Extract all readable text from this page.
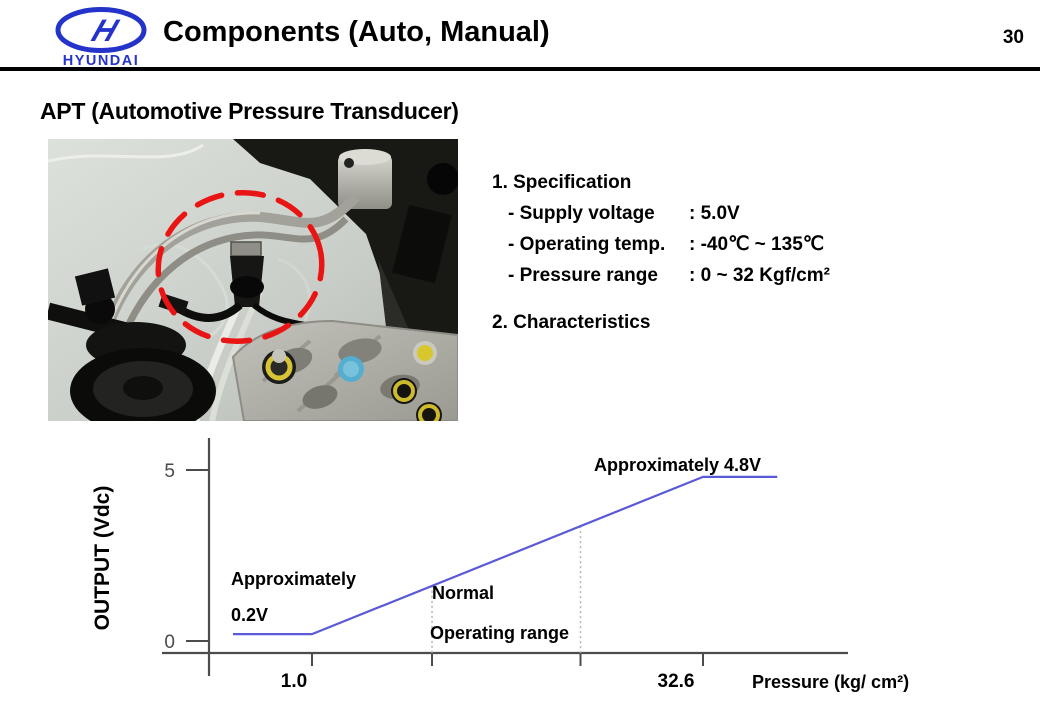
H
HYUNDAI
Components (Auto, Manual)	30
APT (Automotive Pressure Transducer)
1. Specification
- Supply voltage	: 5.0V
- Operating temp.	: -40℃ ~ 135℃
- Pressure range	: 0 ~ 32 Kgf/cm²
2. Characteristics
OUTPUT (Vdc)
5
0
1.0	32.6	Pressure (kg/ cm²)
Approximately
0.2V
Normal
Operating range
Approximately 4.8V
